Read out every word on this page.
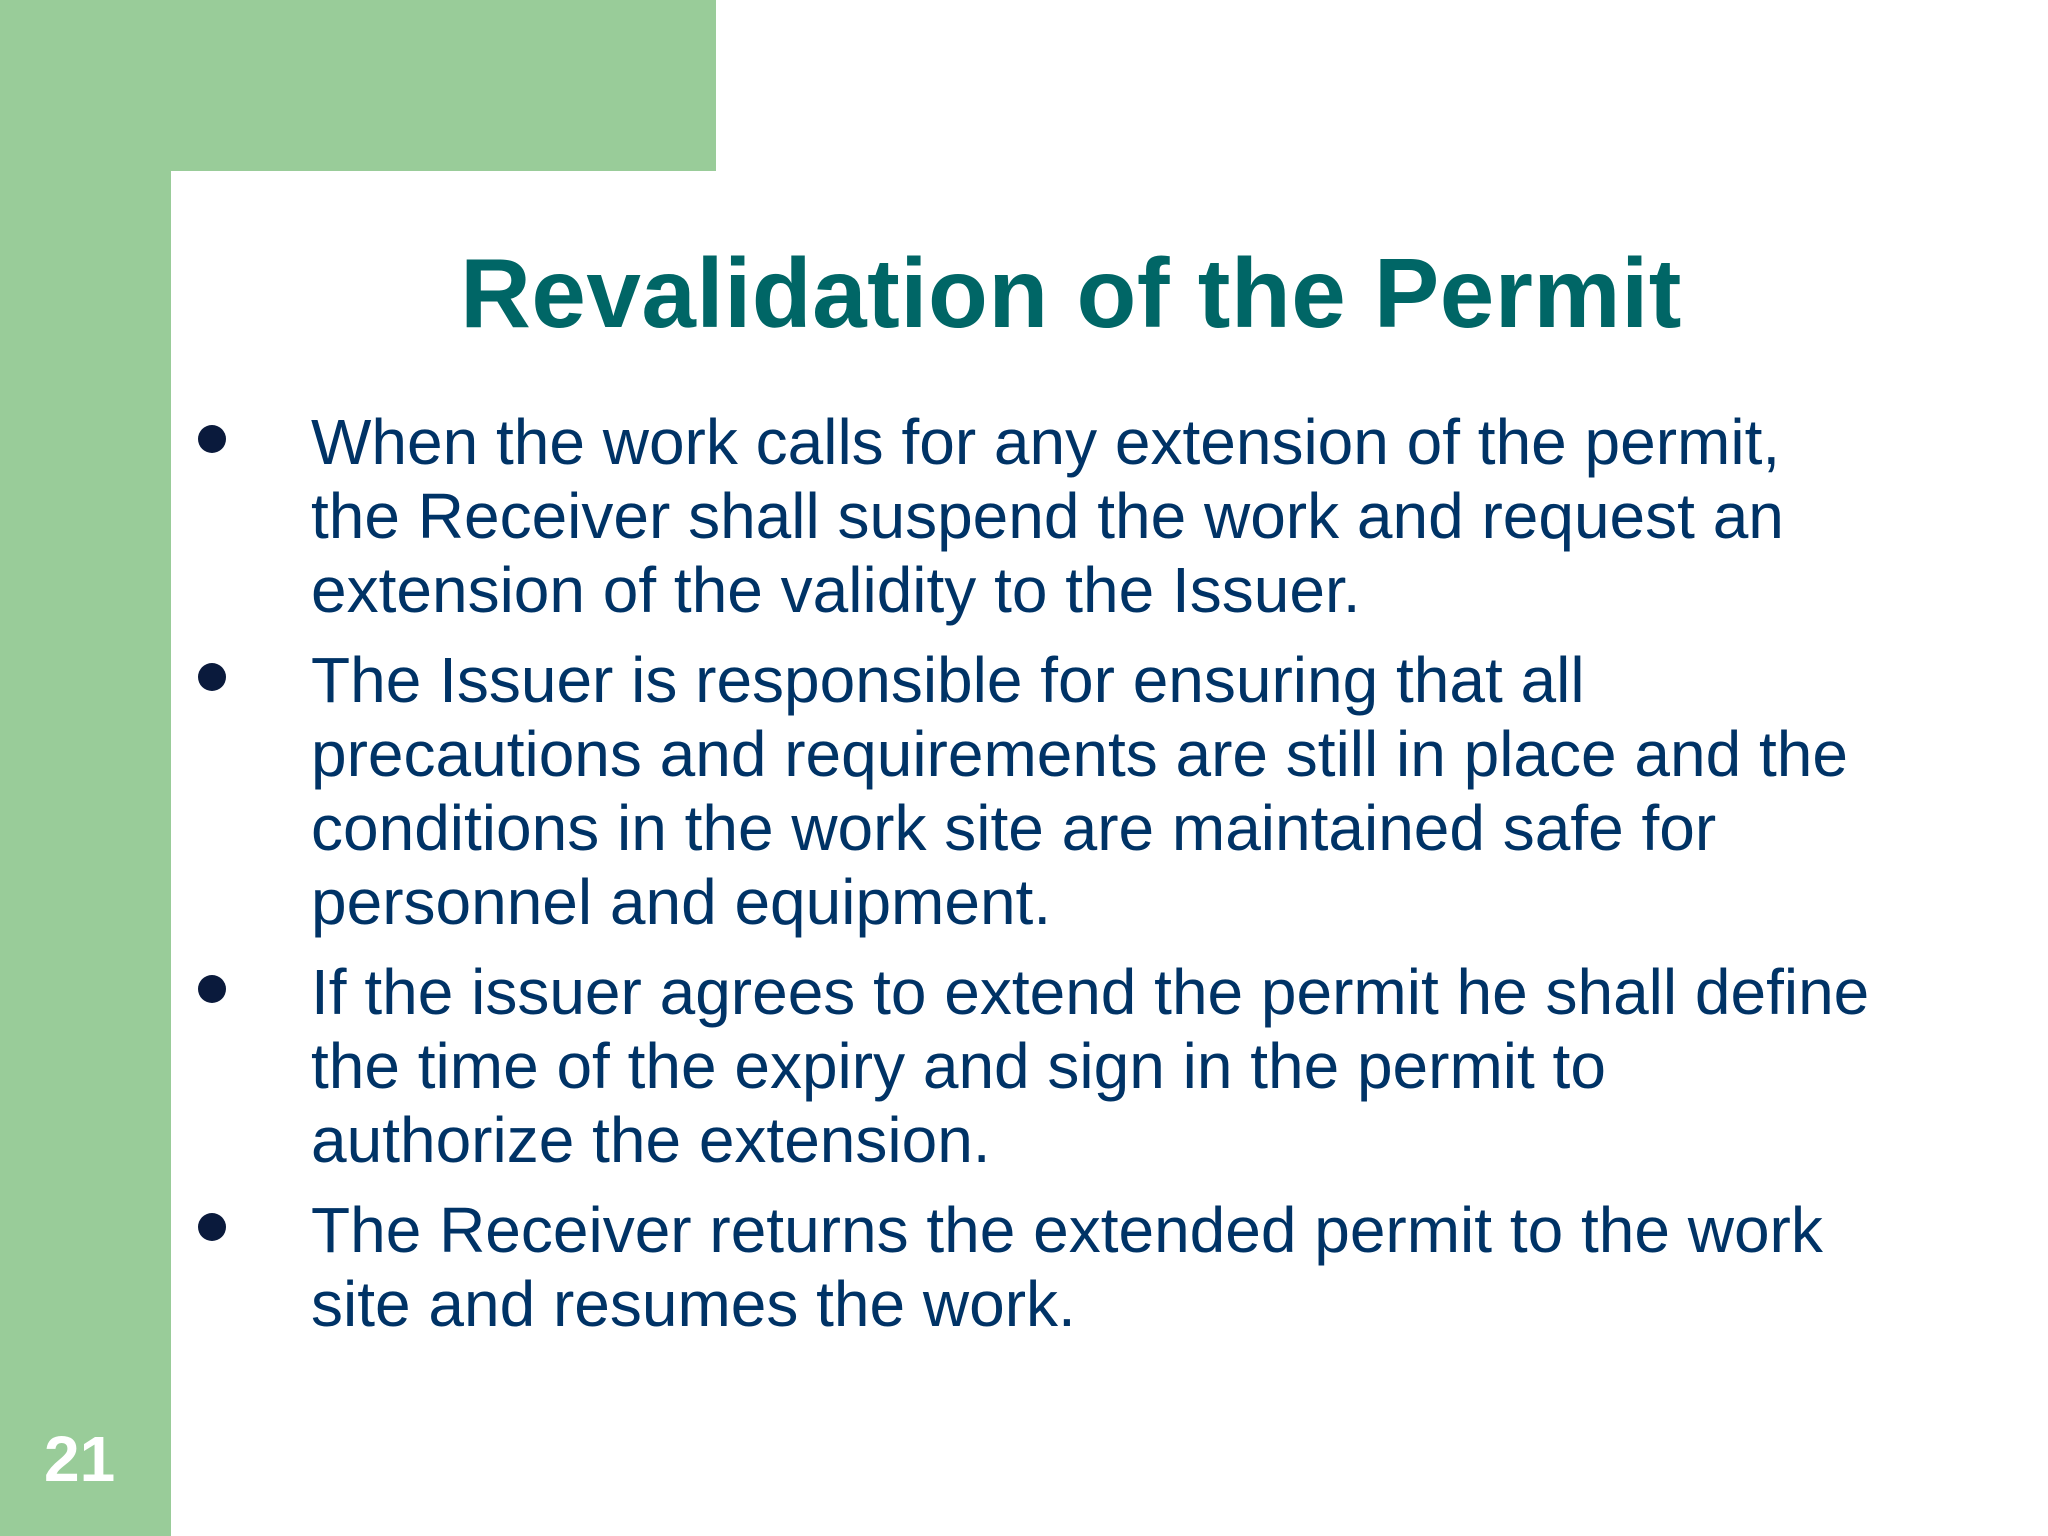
Revalidation of the Permit
When the work calls for any extension of the permit, the Receiver shall suspend the work and request an extension of the validity to the Issuer.
The Issuer is responsible for ensuring that all precautions and requirements are still in place and the conditions in the work site are maintained safe for personnel and equipment.
If the issuer agrees to extend the permit he shall define the time of the expiry and sign in the permit to authorize the extension.
The Receiver returns the extended permit to the work site and resumes the work.
21
